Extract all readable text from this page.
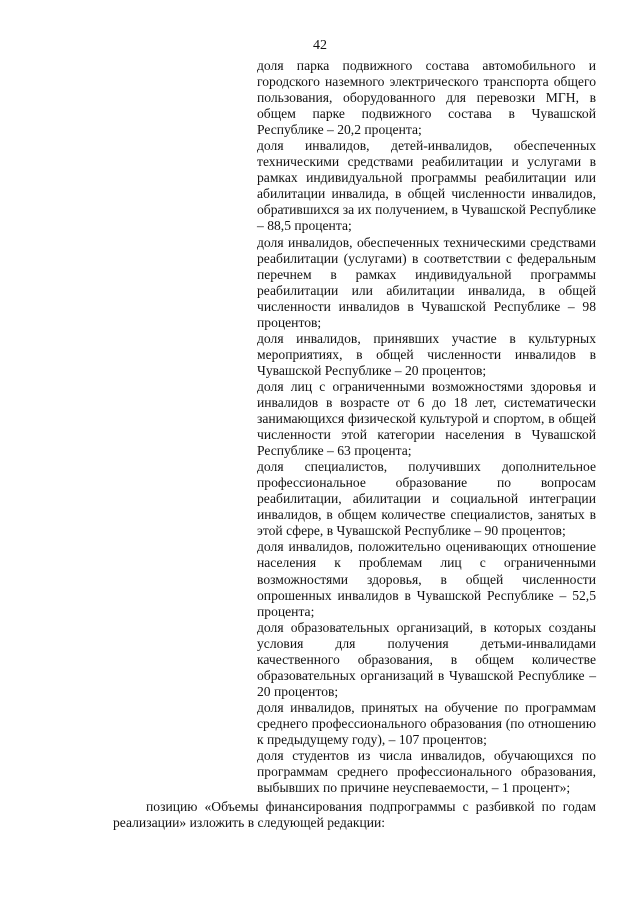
42

доля парка подвижного состава автомобильного и городского наземного электрического транспорта общего пользования, оборудованного для перевозки МГН, в общем парке подвижного состава в Чувашской Республике – 20,2 процента;

доля инвалидов, детей-инвалидов, обеспеченных техническими средствами реабилитации и услугами в рамках индивидуальной программы реабилитации или абилитации инвалида, в общей численности инвалидов, обратившихся за их получением, в Чувашской Республике – 88,5 процента;

доля инвалидов, обеспеченных техническими средствами реабилитации (услугами) в соответствии с федеральным перечнем в рамках индивидуальной программы реабилитации или абилитации инвалида, в общей численности инвалидов в Чувашской Республике – 98 процентов;

доля инвалидов, принявших участие в культурных мероприятиях, в общей численности инвалидов в Чувашской Республике – 20 процентов;

доля лиц с ограниченными возможностями здоровья и инвалидов в возрасте от 6 до 18 лет, систематически занимающихся физической культурой и спортом, в общей численности этой категории населения в Чувашской Республике – 63 процента;

доля специалистов, получивших дополнительное профессиональное образование по вопросам реабилитации, абилитации и социальной интеграции инвалидов, в общем количестве специалистов, занятых в этой сфере, в Чувашской Республике – 90 процентов;

доля инвалидов, положительно оценивающих отношение населения к проблемам лиц с ограниченными возможностями здоровья, в общей численности опрошенных инвалидов в Чувашской Республике – 52,5 процента;

доля образовательных организаций, в которых созданы условия для получения детьми-инвалидами качественного образования, в общем количестве образовательных организаций в Чувашской Республике – 20 процентов;

доля инвалидов, принятых на обучение по программам среднего профессионального образования (по отношению к предыдущему году), – 107 процентов;

доля студентов из числа инвалидов, обучающихся по программам среднего профессионального образования, выбывших по причине неуспеваемости, – 1 процент»;

позицию «Объемы финансирования подпрограммы с разбивкой по годам реализации» изложить в следующей редакции:
